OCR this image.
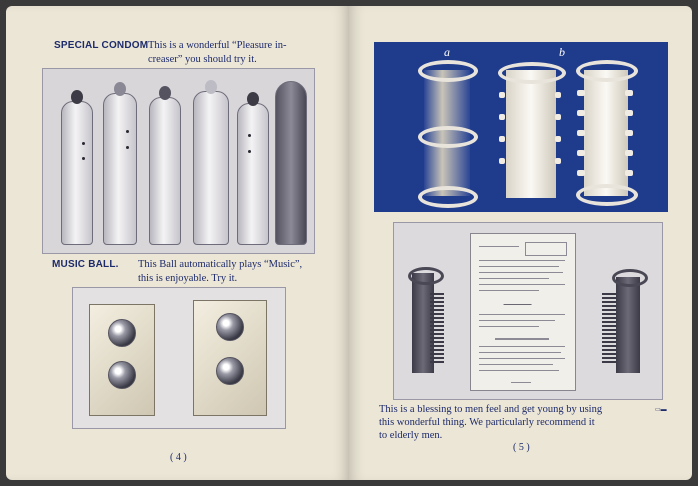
SPECIAL CONDOM This is a wonderful “Pleasure in-
creaser” you should try it.
MUSIC BALL. This Ball automatically plays “Music”,
this is enjoyable. Try it.
( 4 )
a	b
This is a blessing to men feel and get young by using
this wonderful thing. We particularly recommend it
to elderly men.
( 5 )
▭▬
